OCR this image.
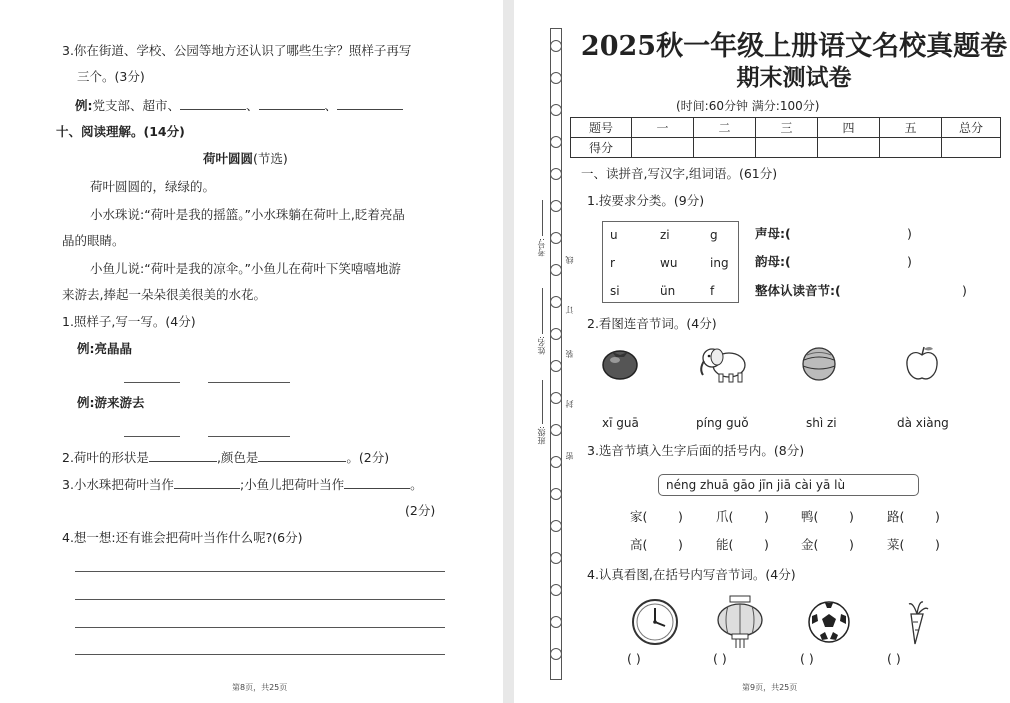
3.你在街道、学校、公园等地方还认识了哪些生字？照样子再写
三个。(3分)
例:党支部、超市、	、	、
十、阅读理解。(14分)
荷叶圆圆(节选)
荷叶圆圆的，绿绿的。
小水珠说:“荷叶是我的摇篮。”小水珠躺在荷叶上,眨着亮晶
晶的眼睛。
小鱼儿说:“荷叶是我的凉伞。”小鱼儿在荷叶下笑嘻嘻地游
来游去,捧起一朵朵很美很美的水花。
1.照样子,写一写。(4分)
例:亮晶晶
例:游来游去
2.荷叶的形状是	,颜色是	。(2分)
3.小水珠把荷叶当作	;小鱼儿把荷叶当作	。
(2分)
4.想一想:还有谁会把荷叶当作什么呢?(6分)
第8页，共25页
考号:
姓名:
班级:
线
订
装
封
密
2025秋一年级上册语文名校真题卷
期末测试卷
(时间:60分钟 满分:100分)
题号	一	二	三	四	五	总分
得分						
一、读拼音,写汉字,组词语。(61分)
1.按要求分类。(9分)
u	zi	g
r	wu	ing
si	ün	f
声母:(	)
韵母:(	)
整体认读音节:(	)
2.看图连音节词。(4分)
xī guā	píng guǒ	shì zi	dà xiàng
3.选音节填入生字后面的括号内。(8分)
néng zhuā gāo jīn jiā cài yā lù
家( )	爪( )	鸭( )	路( )
高( )	能( )	金( )	菜( )
4.认真看图,在括号内写音节词。(4分)
( )	( )	( )	( )
第9页，共25页
